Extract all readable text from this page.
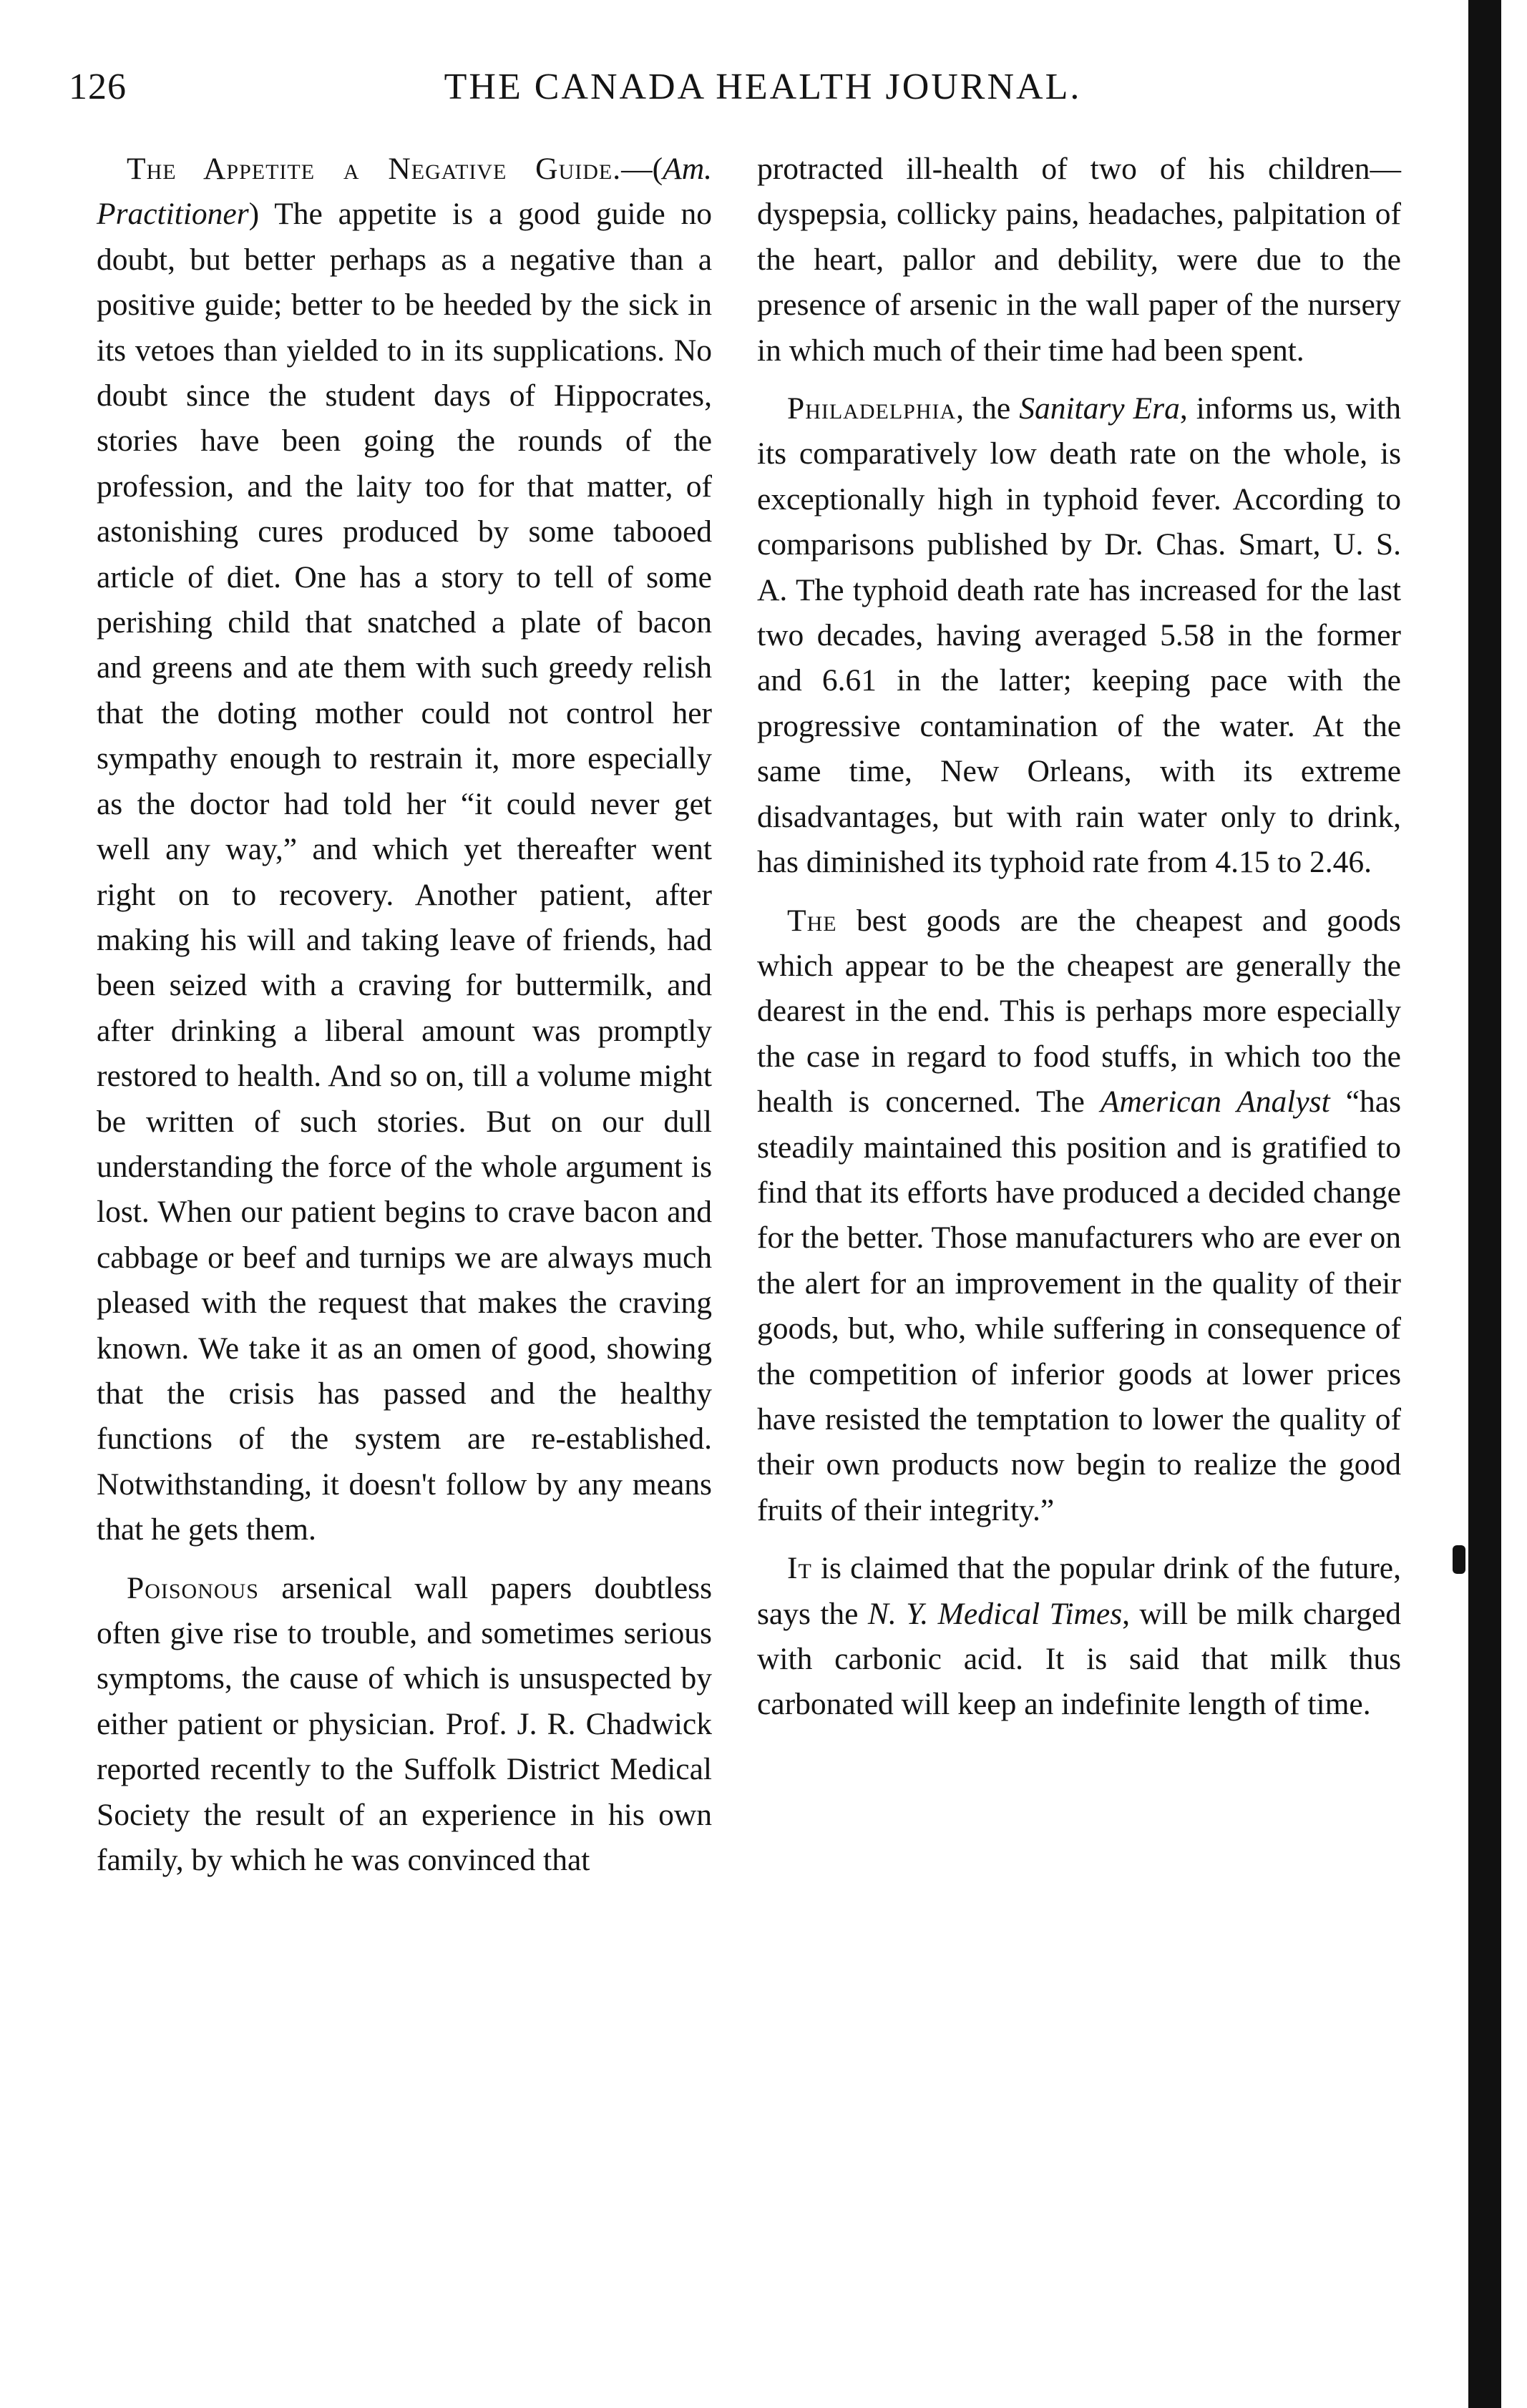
126	THE CANADA HEALTH JOURNAL.

The Appetite a Negative Guide.—(Am. Practitioner) The appetite is a good guide no doubt, but better perhaps as a negative than a positive guide; better to be heeded by the sick in its vetoes than yielded to in its supplications. No doubt since the student days of Hippocrates, stories have been going the rounds of the profession, and the laity too for that matter, of astonishing cures produced by some tabooed article of diet. One has a story to tell of some perishing child that snatched a plate of bacon and greens and ate them with such greedy relish that the doting mother could not control her sympathy enough to restrain it, more especially as the doctor had told her “it could never get well any way,” and which yet thereafter went right on to recovery. Another patient, after making his will and taking leave of friends, had been seized with a craving for buttermilk, and after drinking a liberal amount was promptly restored to health. And so on, till a volume might be written of such stories. But on our dull understanding the force of the whole argument is lost. When our patient begins to crave bacon and cabbage or beef and turnips we are always much pleased with the request that makes the craving known. We take it as an omen of good, showing that the crisis has passed and the healthy functions of the system are re-established. Notwithstanding, it doesn't follow by any means that he gets them.

Poisonous arsenical wall papers doubtless often give rise to trouble, and sometimes serious symptoms, the cause of which is unsuspected by either patient or physician. Prof. J. R. Chadwick reported recently to the Suffolk District Medical Society the result of an experience in his own family, by which he was convinced that

protracted ill-health of two of his children—dyspepsia, collicky pains, headaches, palpitation of the heart, pallor and debility, were due to the presence of arsenic in the wall paper of the nursery in which much of their time had been spent.

Philadelphia, the Sanitary Era, informs us, with its comparatively low death rate on the whole, is exceptionally high in typhoid fever. According to comparisons published by Dr. Chas. Smart, U. S. A. The typhoid death rate has increased for the last two decades, having averaged 5.58 in the former and 6.61 in the latter; keeping pace with the progressive contamination of the water. At the same time, New Orleans, with its extreme disadvantages, but with rain water only to drink, has diminished its typhoid rate from 4.15 to 2.46.

The best goods are the cheapest and goods which appear to be the cheapest are generally the dearest in the end. This is perhaps more especially the case in regard to food stuffs, in which too the health is concerned. The American Analyst “has steadily maintained this position and is gratified to find that its efforts have produced a decided change for the better. Those manufacturers who are ever on the alert for an improvement in the quality of their goods, but, who, while suffering in consequence of the competition of inferior goods at lower prices have resisted the temptation to lower the quality of their own products now begin to realize the good fruits of their integrity.”

It is claimed that the popular drink of the future, says the N. Y. Medical Times, will be milk charged with carbonic acid. It is said that milk thus carbonated will keep an indefinite length of time.
